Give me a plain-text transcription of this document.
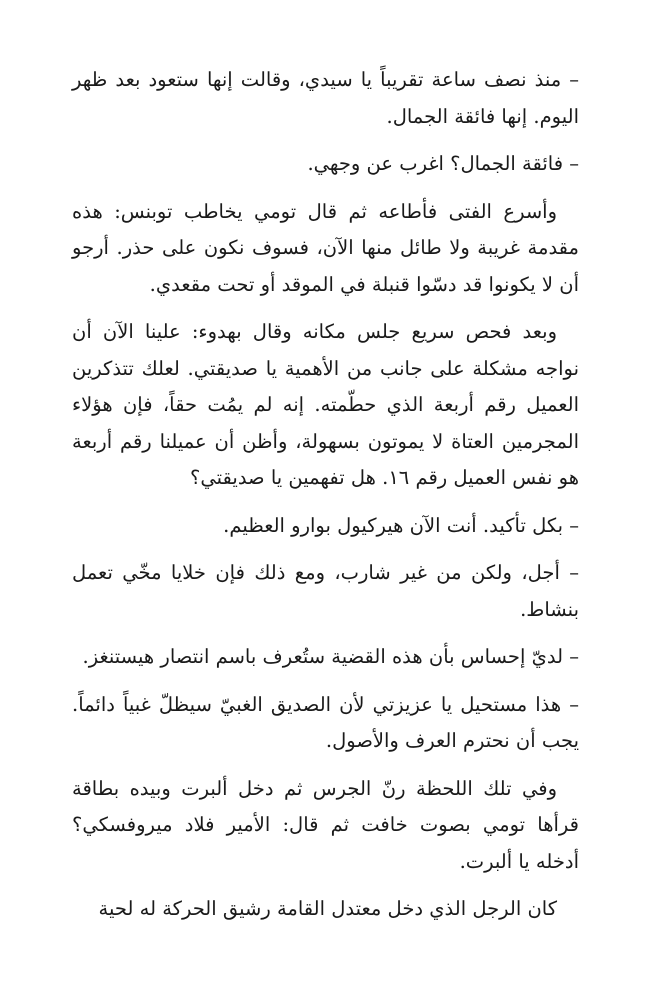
– منذ نصف ساعة تقريباً يا سيدي، وقالت إنها ستعود بعد ظهر اليوم. إنها فائقة الجمال.

– فائقة الجمال؟ اغرب عن وجهي.

وأسرع الفتى فأطاعه ثم قال تومي يخاطب توبنس: هذه مقدمة غريبة ولا طائل منها الآن، فسوف نكون على حذر. أرجو أن لا يكونوا قد دسّوا قنبلة في الموقد أو تحت مقعدي.

وبعد فحص سريع جلس مكانه وقال بهدوء: علينا الآن أن نواجه مشكلة على جانب من الأهمية يا صديقتي. لعلك تتذكرين العميل رقم أربعة الذي حطّمته. إنه لم يمُت حقاً، فإن هؤلاء المجرمين العتاة لا يموتون بسهولة، وأظن أن عميلنا رقم أربعة هو نفس العميل رقم ١٦. هل تفهمين يا صديقتي؟

– بكل تأكيد. أنت الآن هيركيول بوارو العظيم.

– أجل، ولكن من غير شارب، ومع ذلك فإن خلايا مخّي تعمل بنشاط.

– لديّ إحساس بأن هذه القضية ستُعرف باسم انتصار هيستنغز.

– هذا مستحيل يا عزيزتي لأن الصديق الغبيّ سيظلّ غبياً دائماً. يجب أن نحترم العرف والأصول.

وفي تلك اللحظة رنّ الجرس ثم دخل ألبرت وبيده بطاقة قرأها تومي بصوت خافت ثم قال: الأمير فلاد ميروفسكي؟ أدخله يا ألبرت.

كان الرجل الذي دخل معتدل القامة رشيق الحركة له لحية
